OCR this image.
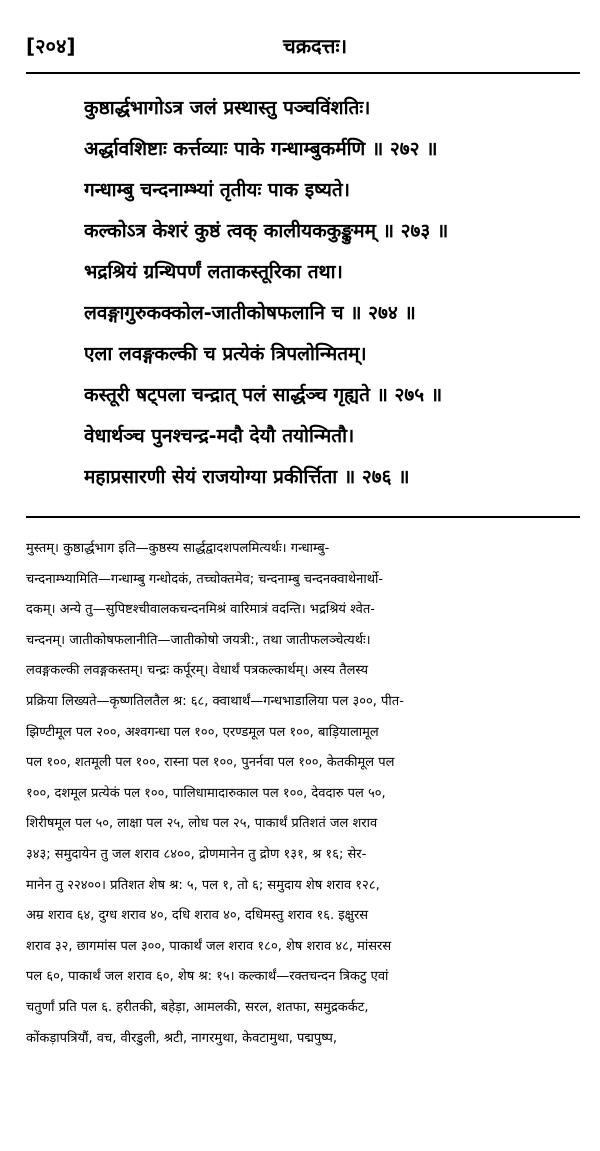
[२०४]	चक्रदत्तः।
कुष्ठार्द्धभागोऽत्र जलं प्रस्थास्तु पञ्चविंशतिः।
अर्द्धावशिष्टाः कर्त्तव्याः पाके गन्धाम्बुकर्मणि ॥ २७२ ॥
गन्धाम्बु चन्दनाम्भ्यां तृतीयः पाक इष्यते।
कल्कोऽत्र केशरं कुष्ठं त्वक् कालीयककुङ्कुमम् ॥ २७३ ॥
भद्रश्रियं ग्रन्थिपर्णं लताकस्तूरिका तथा।
लवङ्गागुरुकक्कोल-जातीकोषफलानि च ॥ २७४ ॥
एला लवङ्गकल्की च प्रत्येकं त्रिपलोन्मितम्।
कस्तूरी षट्पला चन्द्रात् पलं सार्द्धञ्च गृह्यते ॥ २७५ ॥
वेधार्थञ्च पुनश्चन्द्र-मदौ देयौ तयोन्मितौ।
महाप्रसारणी सेयं राजयोग्या प्रकीर्त्तिता ॥ २७६ ॥
मुस्तम्। कुष्ठार्द्धभाग इति—कुष्ठस्य सार्द्धद्वादशपलमित्यर्थः। गन्धाम्बु-
चन्दनाम्भ्यामिति—गन्धाम्बु गन्धोदकं, तच्चोक्तमेव; चन्दनाम्बु चन्दनक्वाथेनार्थो-
दकम्। अन्ये तु—सुपिष्टश्चीवालकचन्दनमिश्रं वारिमात्रं वदन्ति। भद्रश्रियं श्वेत-
चन्दनम्। जातीकोषफलानीति—जातीकोषो जयत्री:, तथा जातीफलञ्चेत्यर्थः।
लवङ्गकल्की लवङ्गकस्तम्। चन्द्रः कर्पूरम्। वेधार्थं पत्रकल्कार्थम्। अस्य तैलस्य
प्रक्रिया लिख्यते—कृष्णतिलतैल श्र: ६८, क्वाथार्थं—गन्धभाडालिया पल ३००, पीत-
झिण्टीमूल पल २००, अश्वगन्धा पल १००, एरण्डमूल पल १००, बाड़ियालामूल
पल १००, शतमूली पल १००, रास्ना पल १००, पुनर्नवा पल १००, केतकीमूल पल
१००, दशमूल प्रत्येकं पल १००, पालिधामादारुकाल पल १००, देवदारु पल ५०,
शिरीषमूल पल ५०, लाक्षा पल २५, लोध पल २५, पाकार्थं प्रतिशतं जल शराव
३४३; समुदायेन तु जल शराव ८४००, द्रोणमानेन तु द्रोण १३१, श्र १६; सेर-
मानेन तु २२४००। प्रतिशत शेष श्र: ५, पल १, तो ६; समुदाय शेष शराव १२८,
अम्र शराव ६४, दुग्ध शराव ४०, दधि शराव ४०, दधिमस्तु शराव १६. इक्षुरस
शराव ३२, छागमांस पल ३००, पाकार्थं जल शराव १८०, शेष शराव ४८, मांसरस
पल ६०, पाकार्थं जल शराव ६०, शेष श्र: १५। कल्कार्थं—रक्तचन्दन त्रिकटु एवां
चतुर्णां प्रति पल ६. हरीतकी, बहेड़ा, आमलकी, सरल, शतफा, समुद्रकर्कट,
कोंकड़ापत्रियौं, वच, वीरडुली, श्रटी, नागरमुथा, केवटामुथा, पद्मपुष्प,
